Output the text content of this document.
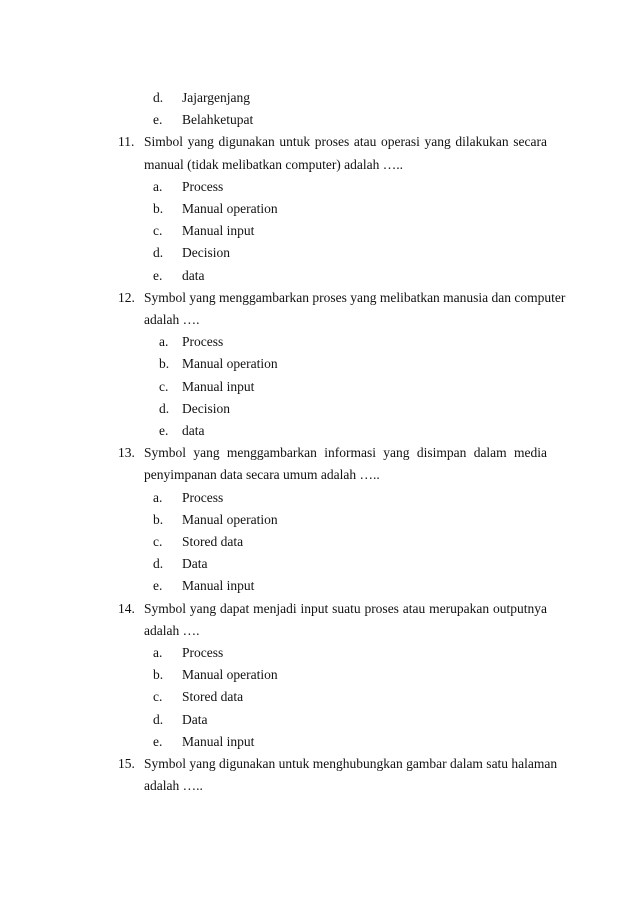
d.	Jajargenjang
e.	Belahketupat
11. Simbol yang digunakan untuk proses atau operasi yang dilakukan secara
manual (tidak melibatkan computer) adalah …..
a.	Process
b.	Manual operation
c.	Manual input
d.	Decision
e.	data
12. Symbol yang menggambarkan proses yang melibatkan manusia dan computer
adalah ….
a.	Process
b. Manual operation
c.	Manual input
d. Decision
e.	data
13. Symbol yang menggambarkan informasi yang disimpan dalam media
penyimpanan data secara umum adalah …..
a.	Process
b.	Manual operation
c.	Stored data
d.	Data
e.	Manual input
14. Symbol yang dapat menjadi input suatu proses atau merupakan outputnya
adalah ….
a.	Process
b.	Manual operation
c.	Stored data
d.	Data
e.	Manual input
15. Symbol yang digunakan untuk menghubungkan gambar dalam satu halaman
adalah …..
